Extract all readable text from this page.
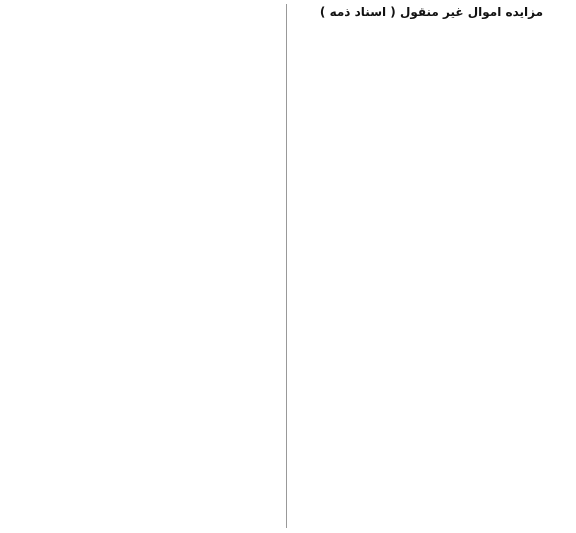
مزایده اموال غیر منقول ( اسناد ذمه )
